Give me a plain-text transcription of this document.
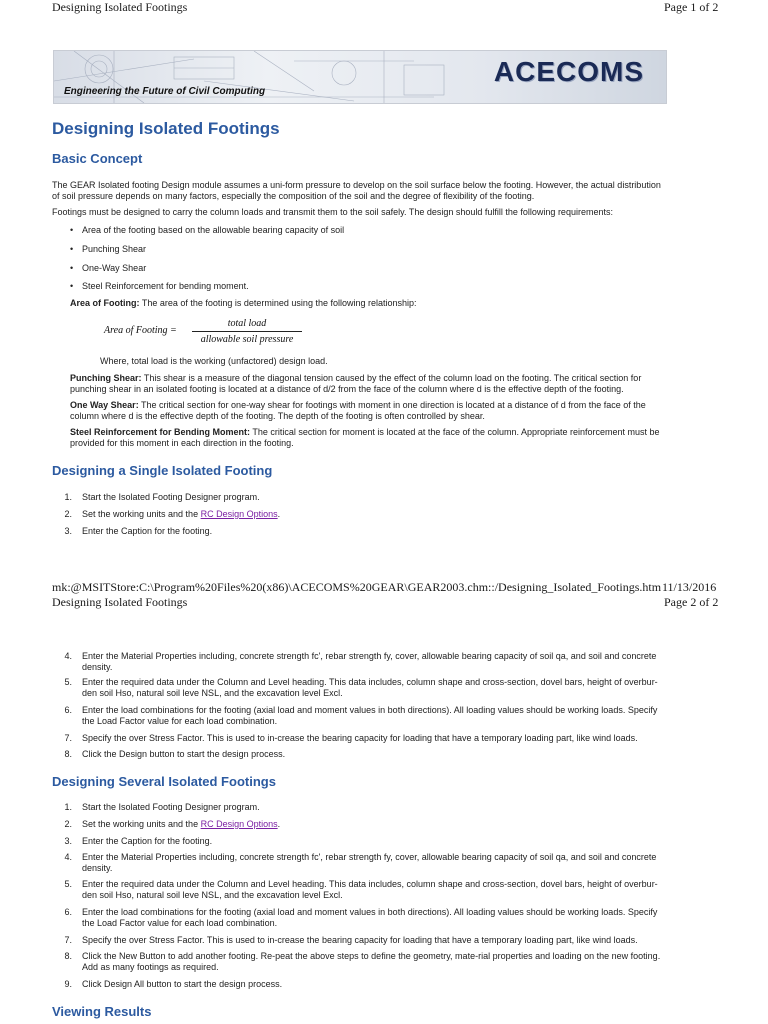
Designing Isolated Footings	Page 1 of 2
ACECOMS
Engineering the Future of Civil Computing
Designing Isolated Footings
Basic Concept
The GEAR Isolated footing Design module assumes a uni-form pressure to develop on the soil surface below the footing. However, the actual distribution
of soil pressure depends on many factors, especially the composition of the soil and the degree of flexibility of the footing.
Footings must be designed to carry the column loads and transmit them to the soil safely. The design should fulfill the following requirements:
• Area of the footing based on the allowable bearing capacity of soil
• Punching Shear
• One-Way Shear
• Steel Reinforcement for bending moment.
Area of Footing: The area of the footing is determined using the following relationship:
Area of Footing =
total load
allowable soil pressure
Where, total load is the working (unfactored) design load.
Punching Shear: This shear is a measure of the diagonal tension caused by the effect of the column load on the footing. The critical section for
punching shear in an isolated footing is located at a distance of d/2 from the face of the column where d is the effective depth of the footing.
One Way Shear: The critical section for one-way shear for footings with moment in one direction is located at a distance of d from the face of the
column where d is the effective depth of the footing. The depth of the footing is often controlled by shear.
Steel Reinforcement for Bending Moment: The critical section for moment is located at the face of the column. Appropriate reinforcement must be
provided for this moment in each direction in the footing.
Designing a Single Isolated Footing
1. Start the Isolated Footing Designer program.
2. Set the working units and the RC Design Options.
3. Enter the Caption for the footing.
mk:@MSITStore:C:\Program%20Files%20(x86)\ACECOMS%20GEAR\GEAR2003.chm::/Designing_Isolated_Footings.htm 11/13/2016
Designing Isolated Footings	Page 2 of 2
4. Enter the Material Properties including, concrete strength fc', rebar strength fy, cover, allowable bearing capacity of soil qa, and soil and concrete
density.
5. Enter the required data under the Column and Level heading. This data includes, column shape and cross-section, dovel bars, height of overbur-
den soil Hso, natural soil leve NSL, and the excavation level Excl.
6. Enter the load combinations for the footing (axial load and moment values in both directions). All loading values should be working loads. Specify
the Load Factor value for each load combination.
7. Specify the over Stress Factor. This is used to in-crease the bearing capacity for loading that have a temporary loading part, like wind loads.
8. Click the Design button to start the design process.
Designing Several Isolated Footings
1. Start the Isolated Footing Designer program.
2. Set the working units and the RC Design Options.
3. Enter the Caption for the footing.
4. Enter the Material Properties including, concrete strength fc', rebar strength fy, cover, allowable bearing capacity of soil qa, and soil and concrete
density.
5. Enter the required data under the Column and Level heading. This data includes, column shape and cross-section, dovel bars, height of overbur-
den soil Hso, natural soil leve NSL, and the excavation level Excl.
6. Enter the load combinations for the footing (axial load and moment values in both directions). All loading values should be working loads. Specify
the Load Factor value for each load combination.
7. Specify the over Stress Factor. This is used to in-crease the bearing capacity for loading that have a temporary loading part, like wind loads.
8. Click the New Button to add another footing. Re-peat the above steps to define the geometry, mate-rial properties and loading on the new footing.
Add as many footings as required.
9. Click Design All button to start the design process.
Viewing Results
